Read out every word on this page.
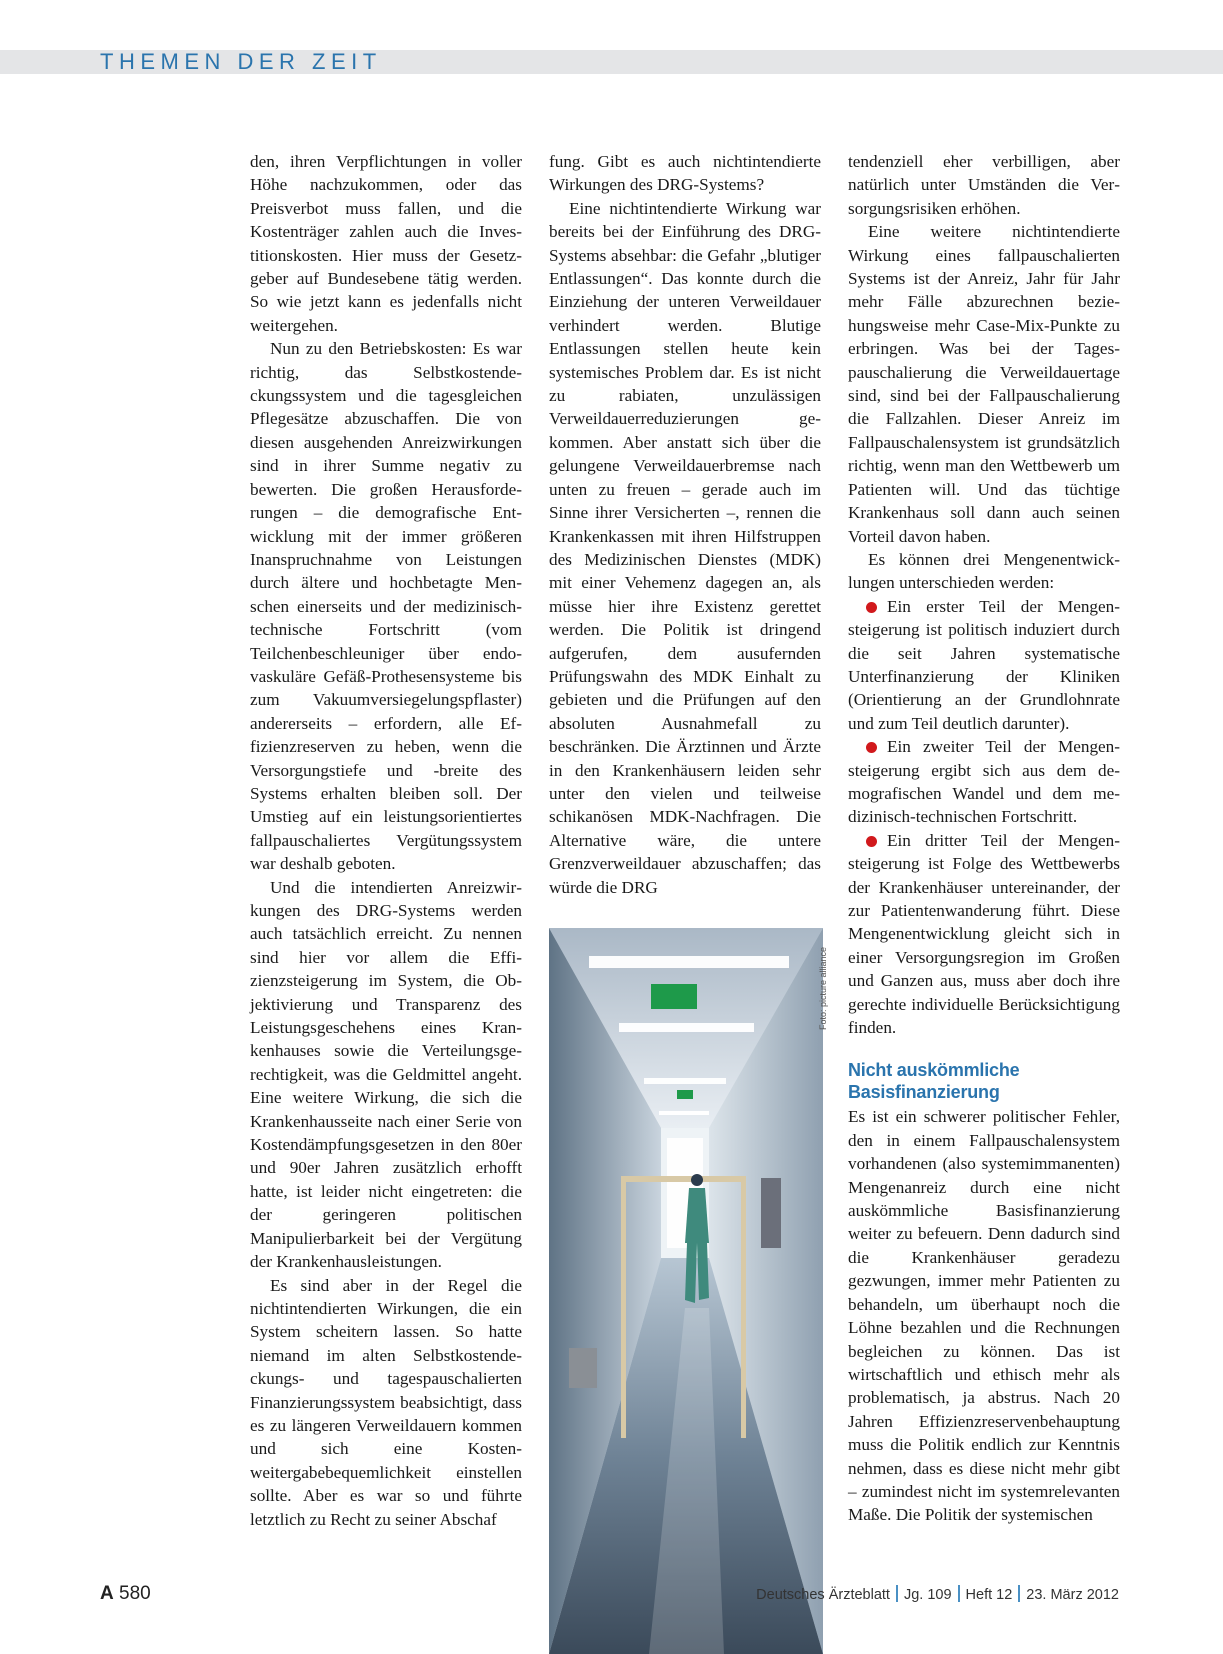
THEMEN DER ZEIT

den, ihren Verpflichtungen in voller Höhe nachzukommen, oder das Preisverbot muss fallen, und die Kostenträger zahlen auch die Investitionskosten. Hier muss der Gesetzgeber auf Bundesebene tätig werden. So wie jetzt kann es jedenfalls nicht weitergehen.

Nun zu den Betriebskosten: Es war richtig, das Selbstkostendeckungssystem und die tagesgleichen Pflegesätze abzuschaffen. Die von diesen ausgehenden Anreizwirkungen sind in ihrer Summe negativ zu bewerten. Die großen Herausforderungen – die demografische Entwicklung mit der immer größeren Inanspruchnahme von Leistungen durch ältere und hochbetagte Menschen einerseits und der medizinisch-technische Fortschritt (vom Teilchenbeschleuniger über endovaskuläre Gefäß-Prothesensysteme bis zum Vakuumversiegelungspflaster) andererseits – erfordern, alle Effizienzreserven zu heben, wenn die Versorgungstiefe und -breite des Systems erhalten bleiben soll. Der Umstieg auf ein leistungsorientiertes fallpauschaliertes Vergütungssystem war deshalb geboten.

Und die intendierten Anreizwirkungen des DRG-Systems werden auch tatsächlich erreicht. Zu nennen sind hier vor allem die Effizienzsteigerung im System, die Objektivierung und Transparenz des Leistungsgeschehens eines Krankenhauses sowie die Verteilungsgerechtigkeit, was die Geldmittel angeht. Eine weitere Wirkung, die sich die Krankenhausseite nach einer Serie von Kostendämpfungsgesetzen in den 80er und 90er Jahren zusätzlich erhofft hatte, ist leider nicht eingetreten: die der geringeren politischen Manipulierbarkeit bei der Vergütung der Krankenhausleistungen.

Es sind aber in der Regel die nichtintendierten Wirkungen, die ein System scheitern lassen. So hatte niemand im alten Selbstkostendeckungs- und tagespauschalierten Finanzierungssystem beabsichtigt, dass es zu längeren Verweildauern kommen und sich eine Kostenweitergabebequemlichkeit einstellen sollte. Aber es war so und führte letztlich zu Recht zu seiner Abschaf

fung. Gibt es auch nichtintendierte Wirkungen des DRG-Systems?

Eine nichtintendierte Wirkung war bereits bei der Einführung des DRG-Systems absehbar: die Gefahr „blutiger Entlassungen“. Das konnte durch die Einziehung der unteren Verweildauer verhindert werden. Blutige Entlassungen stellen heute kein systemisches Problem dar. Es ist nicht zu rabiaten, unzulässigen Verweildauerreduzierungen gekommen. Aber anstatt sich über die gelungene Verweildauerbremse nach unten zu freuen – gerade auch im Sinne ihrer Versicherten –, rennen die Krankenkassen mit ihren Hilfstruppen des Medizinischen Dienstes (MDK) mit einer Vehemenz dagegen an, als müsse hier ihre Existenz gerettet werden. Die Politik ist dringend aufgerufen, dem ausufernden Prüfungswahn des MDK Einhalt zu gebieten und die Prüfungen auf den absoluten Ausnahmefall zu beschränken. Die Ärztinnen und Ärzte in den Krankenhäusern leiden sehr unter den vielen und teilweise schikanösen MDK-Nachfragen. Die Alternative wäre, die untere Grenzverweildauer abzuschaffen; das würde die DRG

Foto: picture alliance

tendenziell eher verbilligen, aber natürlich unter Umständen die Versorgungsrisiken erhöhen.

Eine weitere nichtintendierte Wirkung eines fallpauschalierten Systems ist der Anreiz, Jahr für Jahr mehr Fälle abzurechnen beziehungsweise mehr Case-Mix-Punkte zu erbringen. Was bei der Tagespauschalierung die Verweildauertage sind, sind bei der Fallpauschalierung die Fallzahlen. Dieser Anreiz im Fallpauschalensystem ist grundsätzlich richtig, wenn man den Wettbewerb um Patienten will. Und das tüchtige Krankenhaus soll dann auch seinen Vorteil davon haben.

Es können drei Mengenentwicklungen unterschieden werden:

Ein erster Teil der Mengensteigerung ist politisch induziert durch die seit Jahren systematische Unterfinanzierung der Kliniken (Orientierung an der Grundlohnrate und zum Teil deutlich darunter).

Ein zweiter Teil der Mengensteigerung ergibt sich aus dem demografischen Wandel und dem medizinisch-technischen Fortschritt.

Ein dritter Teil der Mengensteigerung ist Folge des Wettbewerbs der Krankenhäuser untereinander, der zur Patientenwanderung führt. Diese Mengenentwicklung gleicht sich in einer Versorgungsregion im Großen und Ganzen aus, muss aber doch ihre gerechte individuelle Berücksichtigung finden.

Nicht auskömmliche
Basisfinanzierung

Es ist ein schwerer politischer Fehler, den in einem Fallpauschalensystem vorhandenen (also systemimmanenten) Mengenanreiz durch eine nicht auskömmliche Basisfinanzierung weiter zu befeuern. Denn dadurch sind die Krankenhäuser geradezu gezwungen, immer mehr Patienten zu behandeln, um überhaupt noch die Löhne bezahlen und die Rechnungen begleichen zu können. Das ist wirtschaftlich und ethisch mehr als problematisch, ja abstrus. Nach 20 Jahren Effizienzreservenbehauptung muss die Politik endlich zur Kenntnis nehmen, dass es diese nicht mehr gibt – zumindest nicht im systemrelevanten Maße. Die Politik der systemischen

A 580	Deutsches Ärzteblatt Jg. 109 Heft 12 23. März 2012
